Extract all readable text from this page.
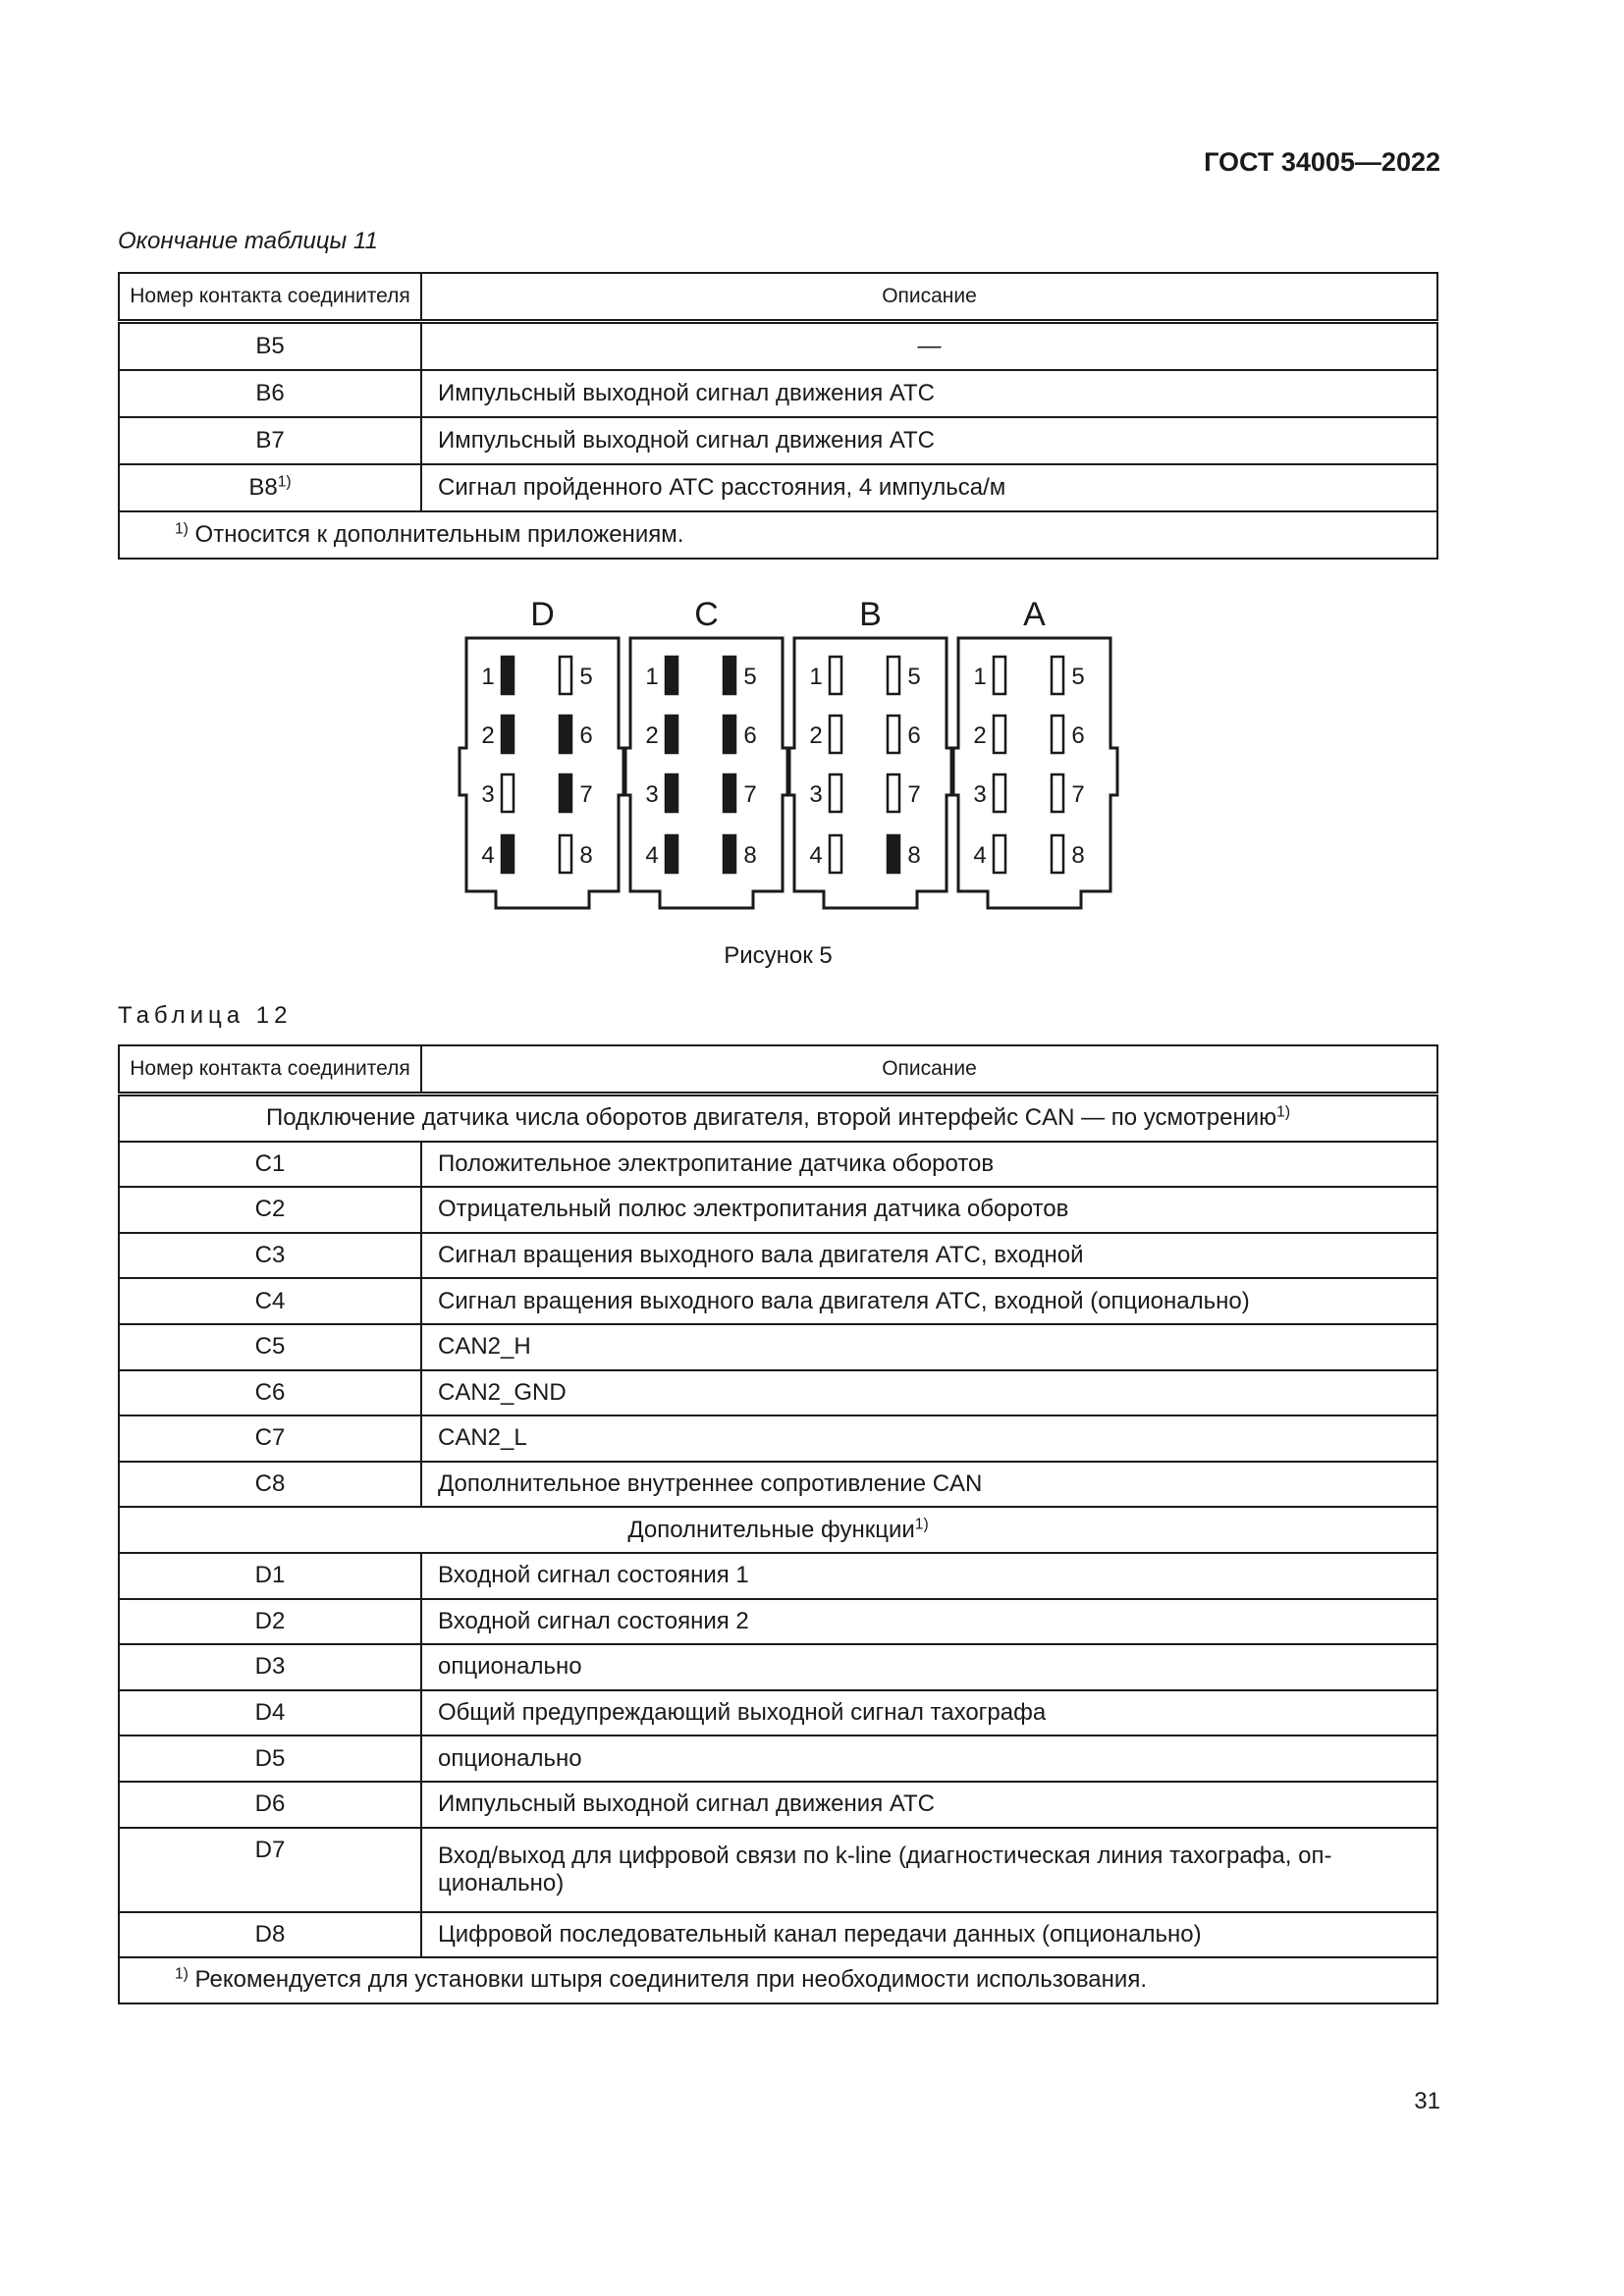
ГОСТ 34005—2022
Окончание таблицы 11
Номер контакта соединителя	Описание
B5	—
B6	Импульсный выходной сигнал движения АТС
B7	Импульсный выходной сигнал движения АТС
B8$^{1)}$	Сигнал пройденного АТС расстояния, 4 импульса/м
$^{1)}$ Относится к дополнительным приложениям.	
D
1
2
3
4
5
6
7
8
C
1
2
3
4
5
6
7
8
B
1
2
3
4
5
6
7
8
A
1
2
3
4
5
6
7
8
Рисунок 5
Таблица 12
Номер контакта соединителя	Описание
Подключение датчика числа оборотов двигателя, второй интерфейс CAN — по усмотрению$^{1)}$
C1	Положительное электропитание датчика оборотов
C2	Отрицательный полюс электропитания датчика оборотов
C3	Сигнал вращения выходного вала двигателя АТС, входной
C4	Сигнал вращения выходного вала двигателя АТС, входной (опционально)
C5	CAN2_H
C6	CAN2_GND
C7	CAN2_L
C8	Дополнительное внутреннее сопротивление CAN
Дополнительные функции$^{1)}$
D1	Входной сигнал состояния 1
D2	Входной сигнал состояния 2
D3	опционально
D4	Общий предупреждающий выходной сигнал тахографа
D5	опционально
D6	Импульсный выходной сигнал движения АТС
D7	Вход/выход для цифровой связи по k-line (диагностическая линия тахографа, оп-
ционально)
D8	Цифровой последовательный канал передачи данных (опционально)
$^{1)}$ Рекомендуется для установки штыря соединителя при необходимости использования.	
31
